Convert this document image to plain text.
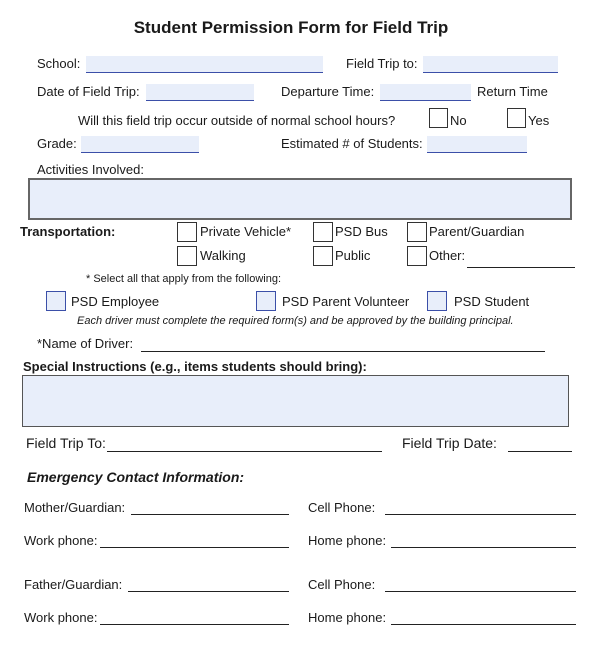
Student Permission Form for Field Trip
School:	Field Trip to:
Date of Field Trip:	Departure Time:	Return Time
Will this field trip occur outside of normal school hours?	No	Yes
Grade:	Estimated # of Students:
Activities Involved:
Transportation:	Private Vehicle*	PSD Bus	Parent/Guardian
Walking	Public	Other:
* Select all that apply from the following:
PSD Employee	PSD Parent Volunteer	PSD Student
Each driver must complete the required form(s) and be approved by the building principal.
*Name of Driver:
Special Instructions (e.g., items students should bring):
Field Trip To:	Field Trip Date:
Emergency Contact Information:
Mother/Guardian:	Cell Phone:
Work phone:	Home phone:
Father/Guardian:	Cell Phone:
Work phone:	Home phone:
